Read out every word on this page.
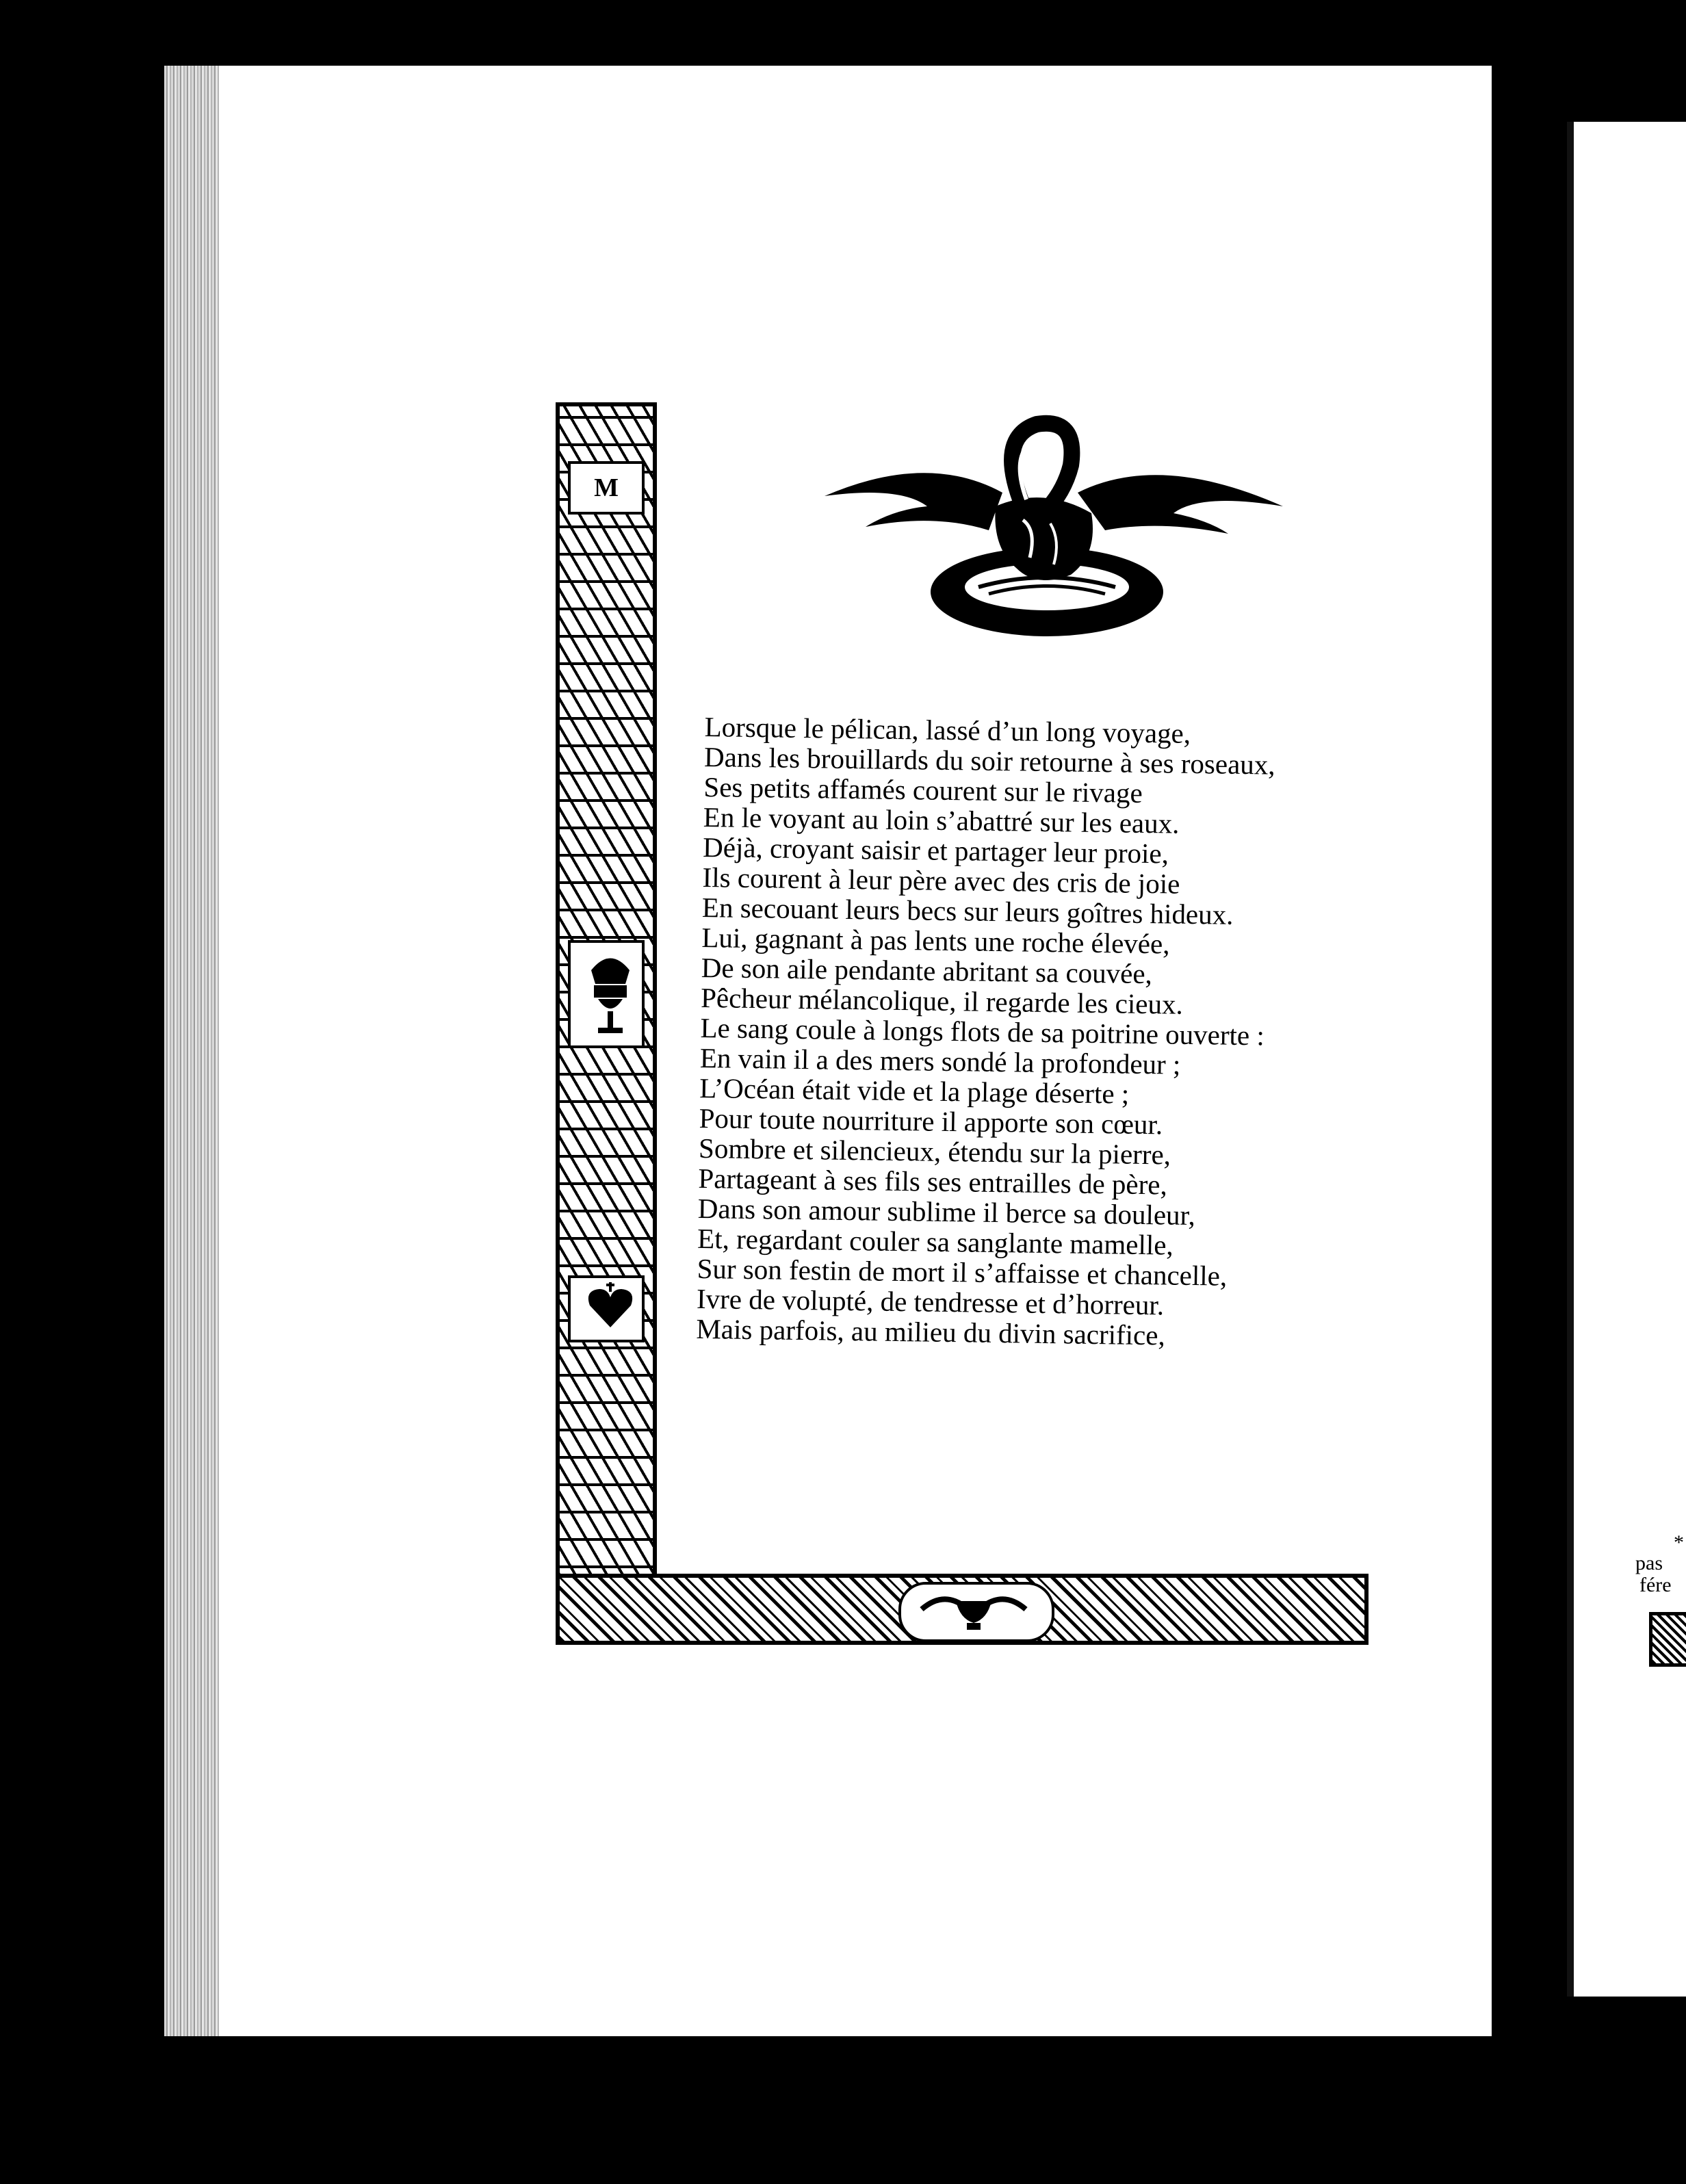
*
pas
fére
M
Lorsque le pélican, lassé d’un long voyage,
Dans les brouillards du soir retourne à ses roseaux,
Ses petits affamés courent sur le rivage
En le voyant au loin s’abattré sur les eaux.
Déjà, croyant saisir et partager leur proie,
Ils courent à leur père avec des cris de joie
En secouant leurs becs sur leurs goîtres hideux.
Lui, gagnant à pas lents une roche élevée,
De son aile pendante abritant sa couvée,
Pêcheur mélancolique, il regarde les cieux.
Le sang coule à longs flots de sa poitrine ouverte :
En vain il a des mers sondé la profondeur ;
L’Océan était vide et la plage déserte ;
Pour toute nourriture il apporte son cœur.
Sombre et silencieux, étendu sur la pierre,
Partageant à ses fils ses entrailles de père,
Dans son amour sublime il berce sa douleur,
Et, regardant couler sa sanglante mamelle,
Sur son festin de mort il s’affaisse et chancelle,
Ivre de volupté, de tendresse et d’horreur.
Mais parfois, au milieu du divin sacrifice,
